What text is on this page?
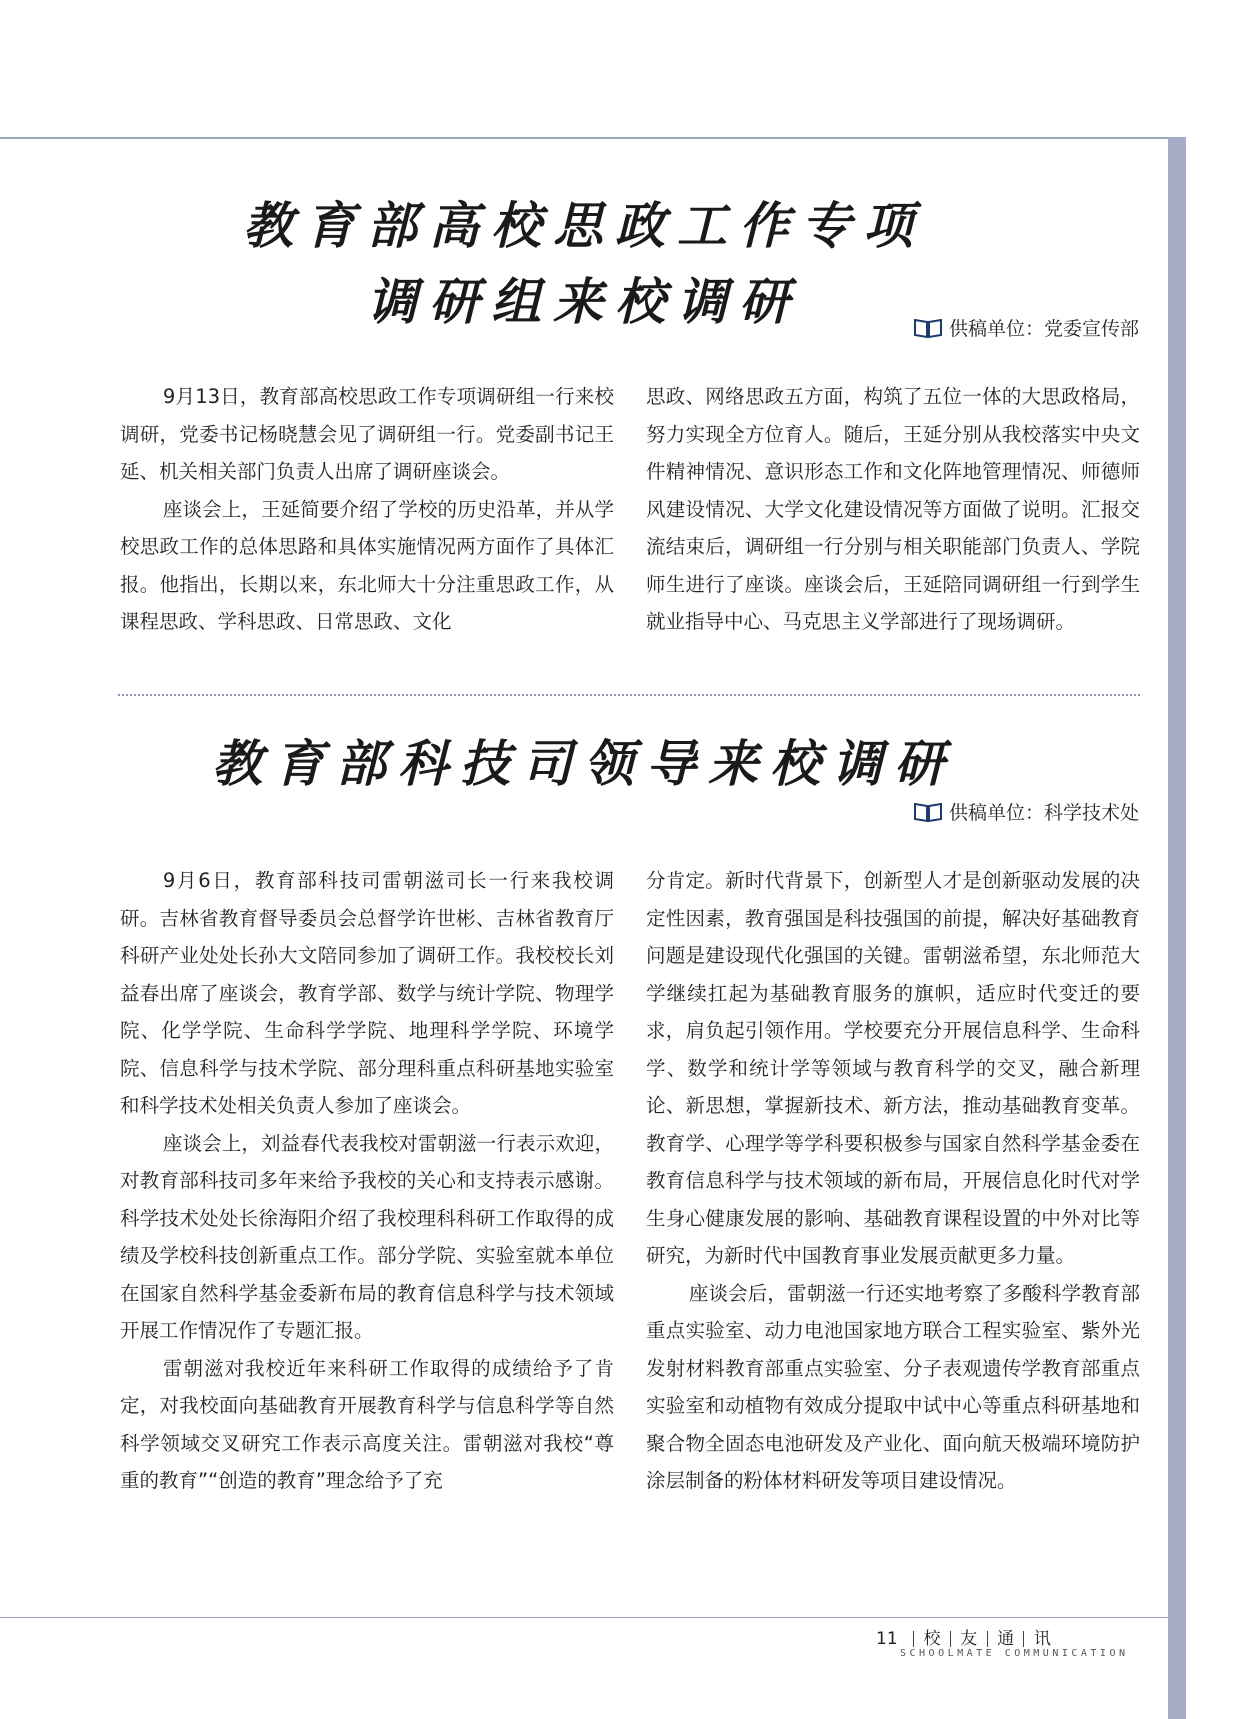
教育部高校思政工作专项
调研组来校调研	供稿单位：党委宣传部

9月13日，教育部高校思政工作专项调研组一行来校调研，党委书记杨晓慧会见了调研组一行。党委副书记王延、机关相关部门负责人出席了调研座谈会。

座谈会上，王延简要介绍了学校的历史沿革，并从学校思政工作的总体思路和具体实施情况两方面作了具体汇报。他指出，长期以来，东北师大十分注重思政工作，从课程思政、学科思政、日常思政、文化

思政、网络思政五方面，构筑了五位一体的大思政格局，努力实现全方位育人。随后，王延分别从我校落实中央文件精神情况、意识形态工作和文化阵地管理情况、师德师风建设情况、大学文化建设情况等方面做了说明。汇报交流结束后，调研组一行分别与相关职能部门负责人、学院师生进行了座谈。座谈会后，王延陪同调研组一行到学生就业指导中心、马克思主义学部进行了现场调研。

教育部科技司领导来校调研
供稿单位：科学技术处

9月6日，教育部科技司雷朝滋司长一行来我校调研。吉林省教育督导委员会总督学许世彬、吉林省教育厅科研产业处处长孙大文陪同参加了调研工作。我校校长刘益春出席了座谈会，教育学部、数学与统计学院、物理学院、化学学院、生命科学学院、地理科学学院、环境学院、信息科学与技术学院、部分理科重点科研基地实验室和科学技术处相关负责人参加了座谈会。

座谈会上，刘益春代表我校对雷朝滋一行表示欢迎，对教育部科技司多年来给予我校的关心和支持表示感谢。科学技术处处长徐海阳介绍了我校理科科研工作取得的成绩及学校科技创新重点工作。部分学院、实验室就本单位在国家自然科学基金委新布局的教育信息科学与技术领域开展工作情况作了专题汇报。

雷朝滋对我校近年来科研工作取得的成绩给予了肯定，对我校面向基础教育开展教育科学与信息科学等自然科学领域交叉研究工作表示高度关注。雷朝滋对我校“尊重的教育”“创造的教育”理念给予了充

分肯定。新时代背景下，创新型人才是创新驱动发展的决定性因素，教育强国是科技强国的前提，解决好基础教育问题是建设现代化强国的关键。雷朝滋希望，东北师范大学继续扛起为基础教育服务的旗帜，适应时代变迁的要求，肩负起引领作用。学校要充分开展信息科学、生命科学、数学和统计学等领域与教育科学的交叉，融合新理论、新思想，掌握新技术、新方法，推动基础教育变革。教育学、心理学等学科要积极参与国家自然科学基金委在教育信息科学与技术领域的新布局，开展信息化时代对学生身心健康发展的影响、基础教育课程设置的中外对比等研究，为新时代中国教育事业发展贡献更多力量。

座谈会后，雷朝滋一行还实地考察了多酸科学教育部重点实验室、动力电池国家地方联合工程实验室、紫外光发射材料教育部重点实验室、分子表观遗传学教育部重点实验室和动植物有效成分提取中试中心等重点科研基地和聚合物全固态电池研发及产业化、面向航天极端环境防护涂层制备的粉体材料研发等项目建设情况。

11 校 友 通 讯
SCHOOLMATE COMMUNICATION
